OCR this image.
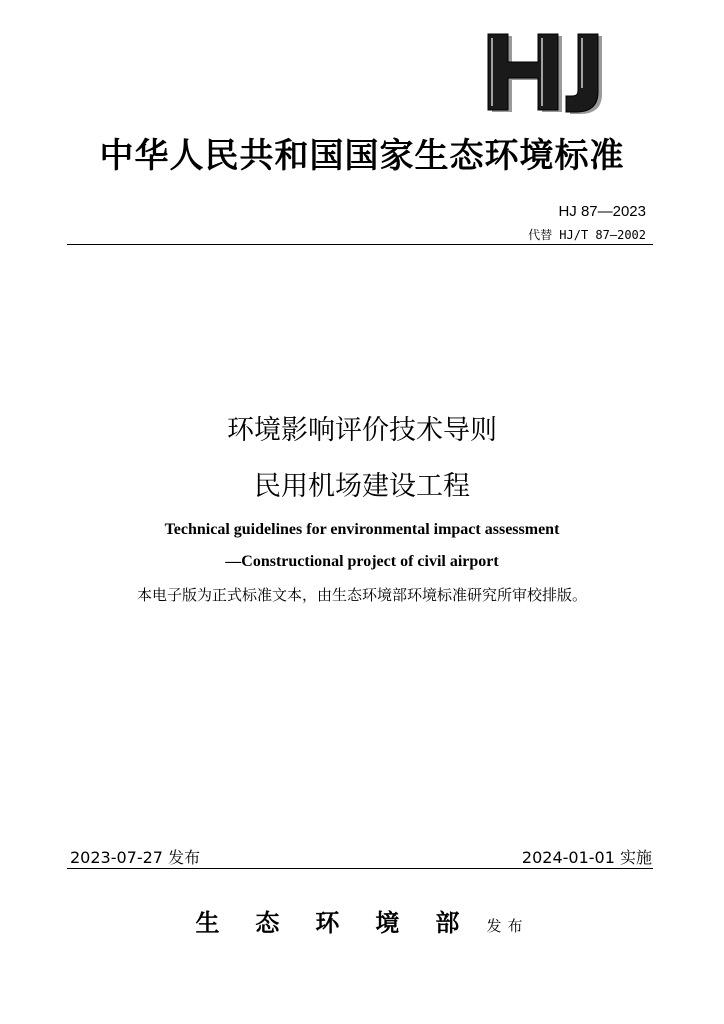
中华人民共和国国家生态环境标准
HJ 87—2023
代替 HJ/T 87—2002
环境影响评价技术导则
民用机场建设工程
Technical guidelines for environmental impact assessment
—Constructional project of civil airport
本电子版为正式标准文本，由生态环境部环境标准研究所审校排版。
2023-07-27 发布	2024-01-01 实施
生态环境部 发布
